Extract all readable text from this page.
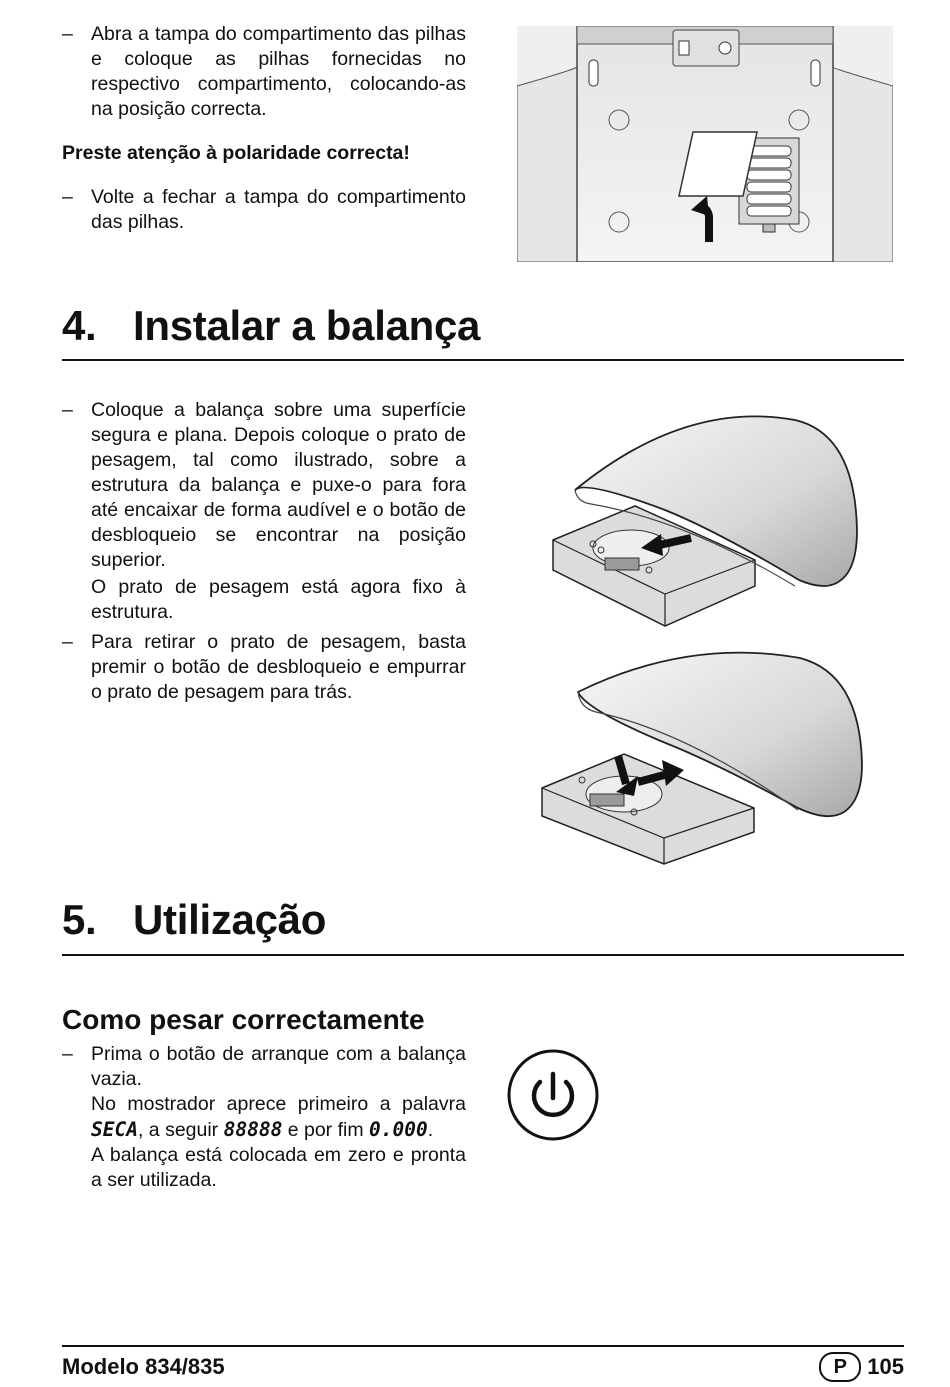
– Abra a tampa do compartimento das pilhas e coloque as pilhas fornecidas no respectivo compartimento, colocando-as na posição correcta.

Preste atenção à polaridade correcta!
– Volte a fechar a tampa do compartimento das pilhas.

4. Instalar a balança
– Coloque a balança sobre uma superfície segura e plana. Depois coloque o prato de pesagem, tal como ilustrado, sobre a estrutura da balança e puxe-o para fora até encaixar de forma audível e o botão de desbloqueio se encontrar na posição superior.

O prato de pesagem está agora fixo à estrutura.

– Para retirar o prato de pesagem, basta premir o botão de desbloqueio e empurrar o prato de pesagem para trás.

5. Utilização
Como pesar correctamente
– Prima o botão de arranque com a balança vazia.

No mostrador aprece primeiro a palavra SECA, a seguir 88888 e por fim 0.000.

A balança está colocada em zero e pronta a ser utilizada.

Modelo 834/835	P 105
